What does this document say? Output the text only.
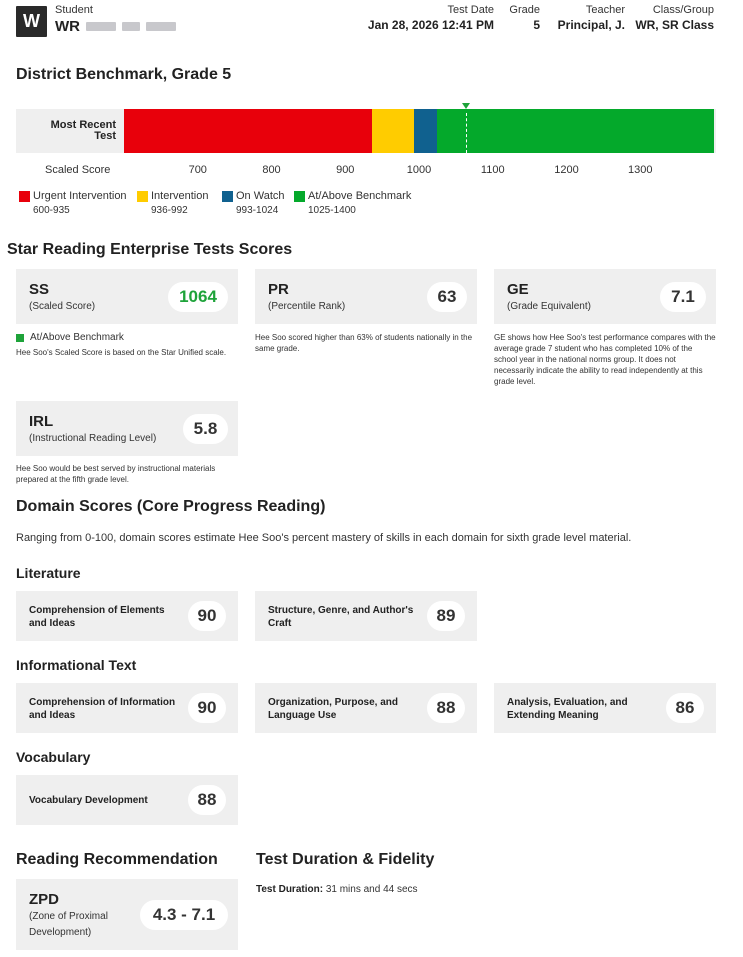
W
Student
WR
Test Date
Jan 28, 2026 12:41 PM
Grade
5
Teacher
Principal, J.
Class/Group
WR, SR Class
District Benchmark, Grade 5
Most Recent
Test
Scaled Score	700	800	900	1000	1100	1200	1300
Urgent Intervention
600-935
Intervention
936-992
On Watch
993-1024
At/Above Benchmark
1025-1400
Star Reading Enterprise Tests Scores
SS
(Scaled Score)
1064
At/Above Benchmark
Hee Soo's Scaled Score is based on the Star Unified scale.
PR
(Percentile Rank)
63
Hee Soo scored higher than 63% of students nationally in the same grade.
GE
(Grade Equivalent)
7.1
GE shows how Hee Soo's test performance compares with the average grade 7 student who has completed 10% of the school year in the national norms group. It does not necessarily indicate the ability to read independently at this grade level.
IRL
(Instructional Reading Level)
5.8
Hee Soo would be best served by instructional materials prepared at the fifth grade level.
Domain Scores (Core Progress Reading)
Ranging from 0-100, domain scores estimate Hee Soo's percent mastery of skills in each domain for sixth grade level material.
Literature
Comprehension of Elements and Ideas	90	Structure, Genre, and Author's Craft	89
Informational Text
Comprehension of Information and Ideas	90	Organization, Purpose, and Language Use	88	Analysis, Evaluation, and Extending Meaning	86
Vocabulary
Vocabulary Development	88
Reading Recommendation
ZPD
(Zone of Proximal Development)
4.3 - 7.1
Test Duration & Fidelity
Test Duration: 31 mins and 44 secs
